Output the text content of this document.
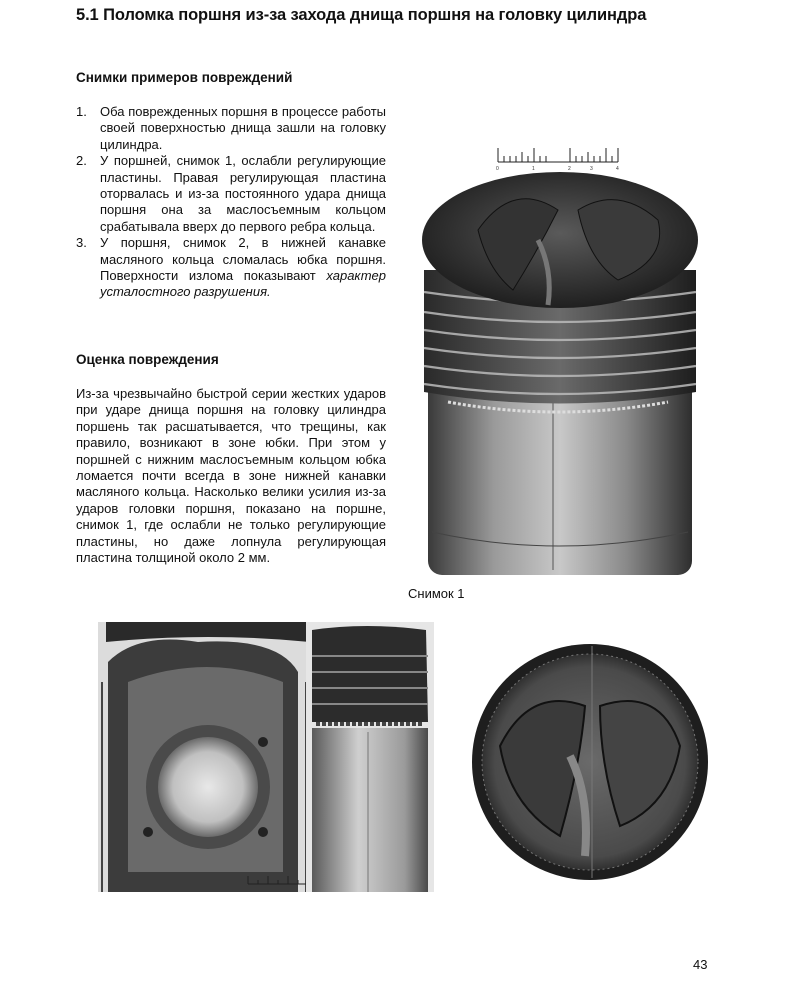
5.1 Поломка поршня из-за захода днища поршня на головку цилиндра
Снимки примеров повреждений
1. Оба поврежденных поршня в процессе работы своей поверхностью днища зашли на головку цилиндра.
2. У поршней, снимок 1, ослабли регулирующие пластины. Правая регулирующая пластина оторвалась и из-за постоянного удара днища поршня она за маслосъемным кольцом срабатывала вверх до первого ребра кольца.
3. У поршня, снимок 2, в нижней канавке масляного кольца сломалась юбка поршня. Поверхности излома показывают характер усталостного разрушения.
Оценка повреждения

Из-за чрезвычайно быстрой серии жестких ударов при ударе днища поршня на головку цилиндра поршень так расшатывается, что трещины, как правило, возникают в зоне юбки. При этом у поршней с нижним маслосъемным кольцом юбка ломается почти всегда в зоне нижней канавки масляного кольца. Насколько велики усилия из-за ударов головки поршня, показано на поршне, снимок 1, где ослабли не только регулирующие пластины, но даже лопнула регулирующая пластина толщиной около 2 мм.

0	1	2	3	4
Снимок 1
43
